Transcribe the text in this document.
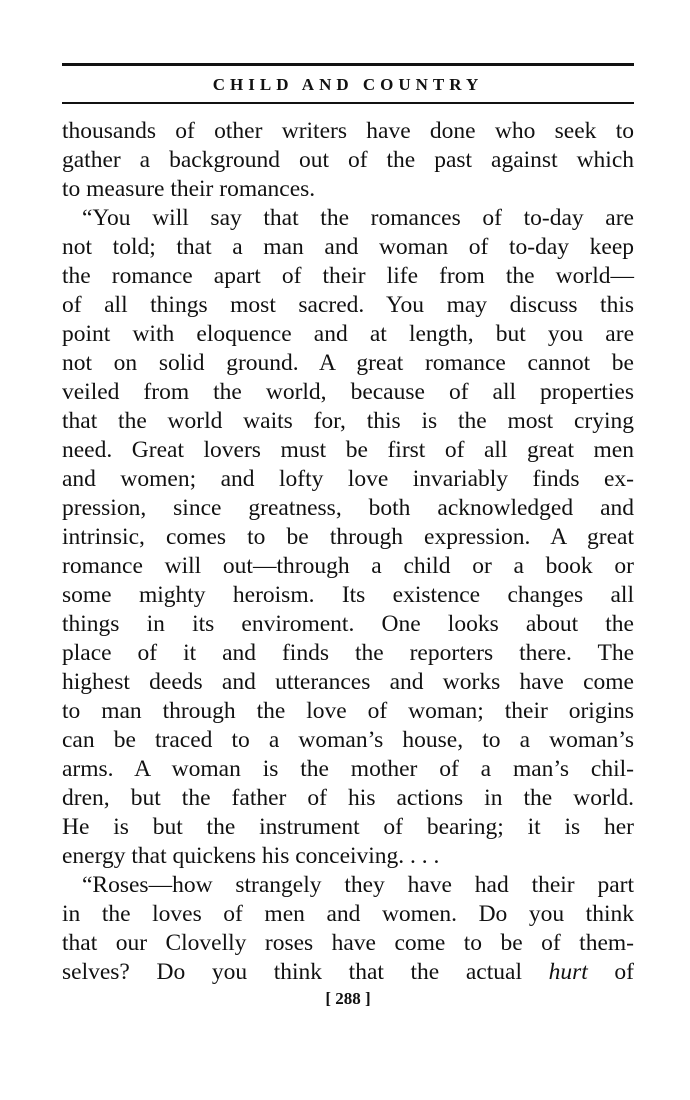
CHILD AND COUNTRY
thousands of other writers have done who seek to
gather a background out of the past against which
to measure their romances.
“You will say that the romances of to-day are
not told; that a man and woman of to-day keep
the romance apart of their life from the world—
of all things most sacred. You may discuss this
point with eloquence and at length, but you are
not on solid ground. A great romance cannot be
veiled from the world, because of all properties
that the world waits for, this is the most crying
need. Great lovers must be first of all great men
and women; and lofty love invariably finds ex-
pression, since greatness, both acknowledged and
intrinsic, comes to be through expression. A great
romance will out—through a child or a book or
some mighty heroism. Its existence changes all
things in its enviroment. One looks about the
place of it and finds the reporters there. The
highest deeds and utterances and works have come
to man through the love of woman; their origins
can be traced to a woman’s house, to a woman’s
arms. A woman is the mother of a man’s chil-
dren, but the father of his actions in the world.
He is but the instrument of bearing; it is her
energy that quickens his conceiving. . . .
“Roses—how strangely they have had their part
in the loves of men and women. Do you think
that our Clovelly roses have come to be of them-
selves? Do you think that the actual hurt of
[ 288 ]
